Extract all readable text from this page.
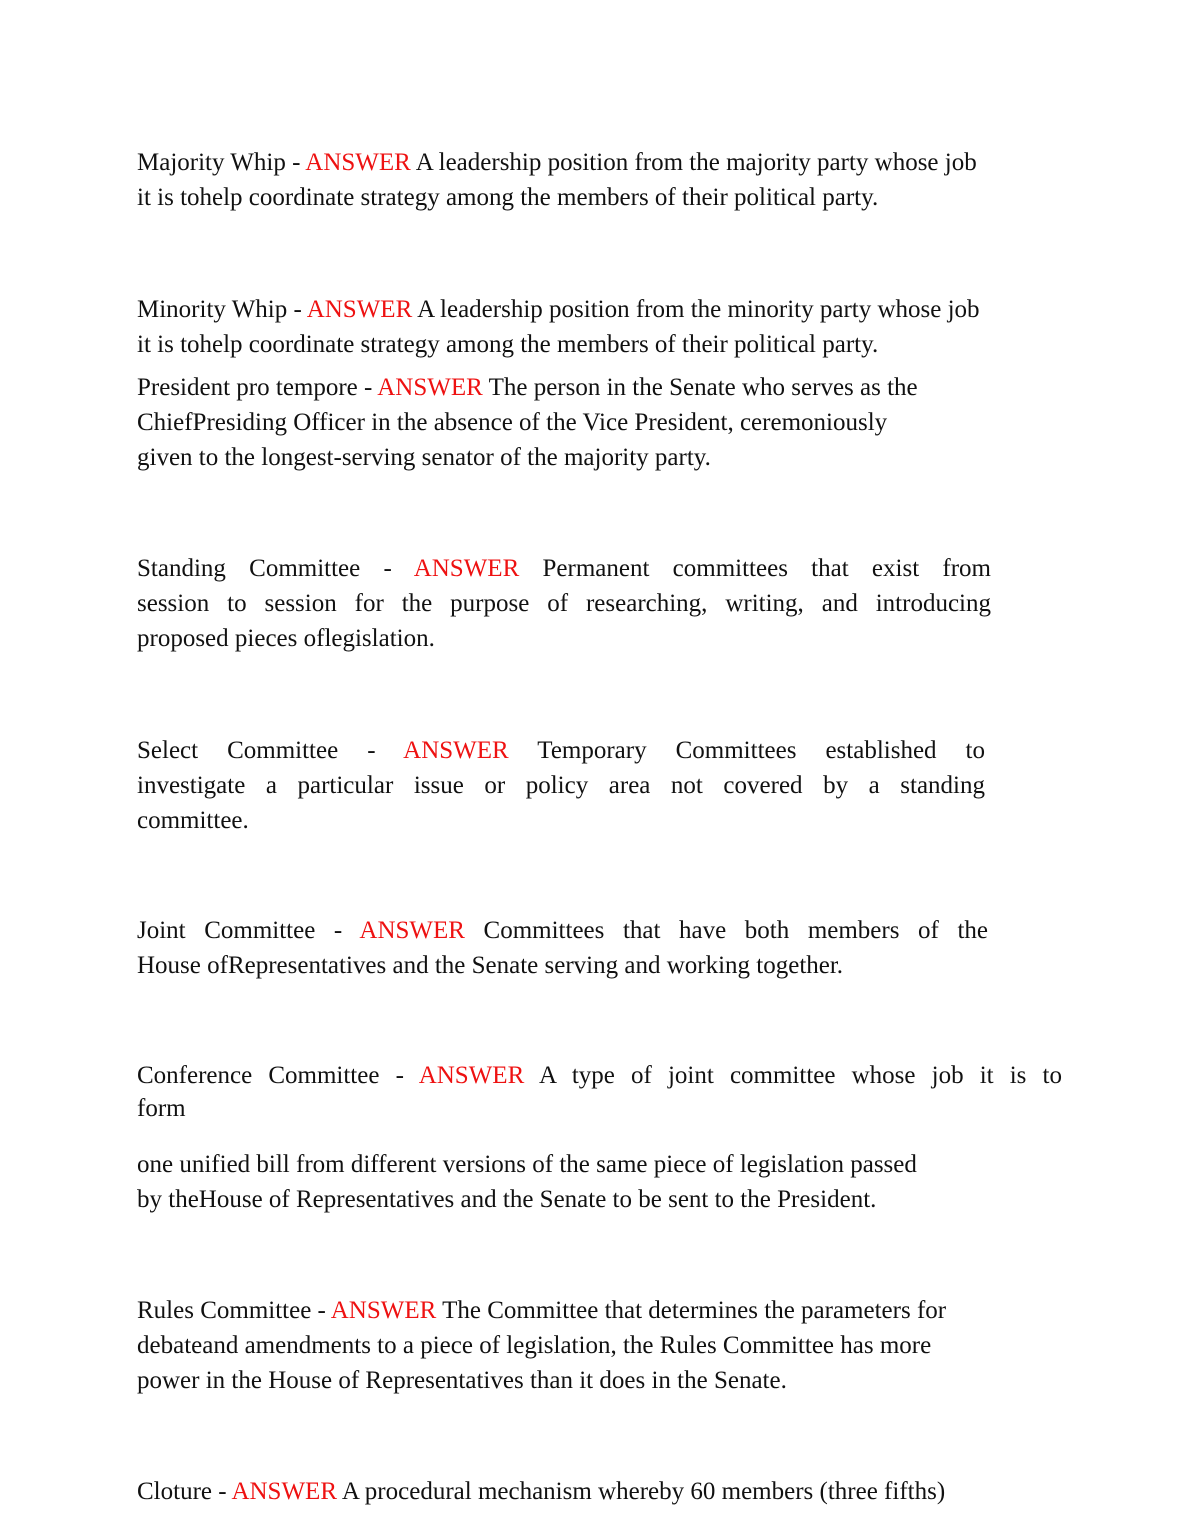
Majority Whip - ANSWER A leadership position from the majority party whose job
it is tohelp coordinate strategy among the members of their political party.
Minority Whip - ANSWER A leadership position from the minority party whose job
it is tohelp coordinate strategy among the members of their political party.
President pro tempore - ANSWER The person in the Senate who serves as the
ChiefPresiding Officer in the absence of the Vice President, ceremoniously
given to the longest-serving senator of the majority party.
Standing Committee - ANSWER Permanent committees that exist from
session to session for the purpose of researching, writing, and introducing
proposed pieces oflegislation.
Select Committee - ANSWER Temporary Committees established to
investigate a particular issue or policy area not covered by a standing
committee.
Joint Committee - ANSWER Committees that have both members of the
House ofRepresentatives and the Senate serving and working together.
Conference Committee - ANSWER A type of joint committee whose job it is to
form
one unified bill from different versions of the same piece of legislation passed
by theHouse of Representatives and the Senate to be sent to the President.
Rules Committee - ANSWER The Committee that determines the parameters for
debateand amendments to a piece of legislation, the Rules Committee has more
power in the House of Representatives than it does in the Senate.
Cloture - ANSWER A procedural mechanism whereby 60 members (three fifths)
